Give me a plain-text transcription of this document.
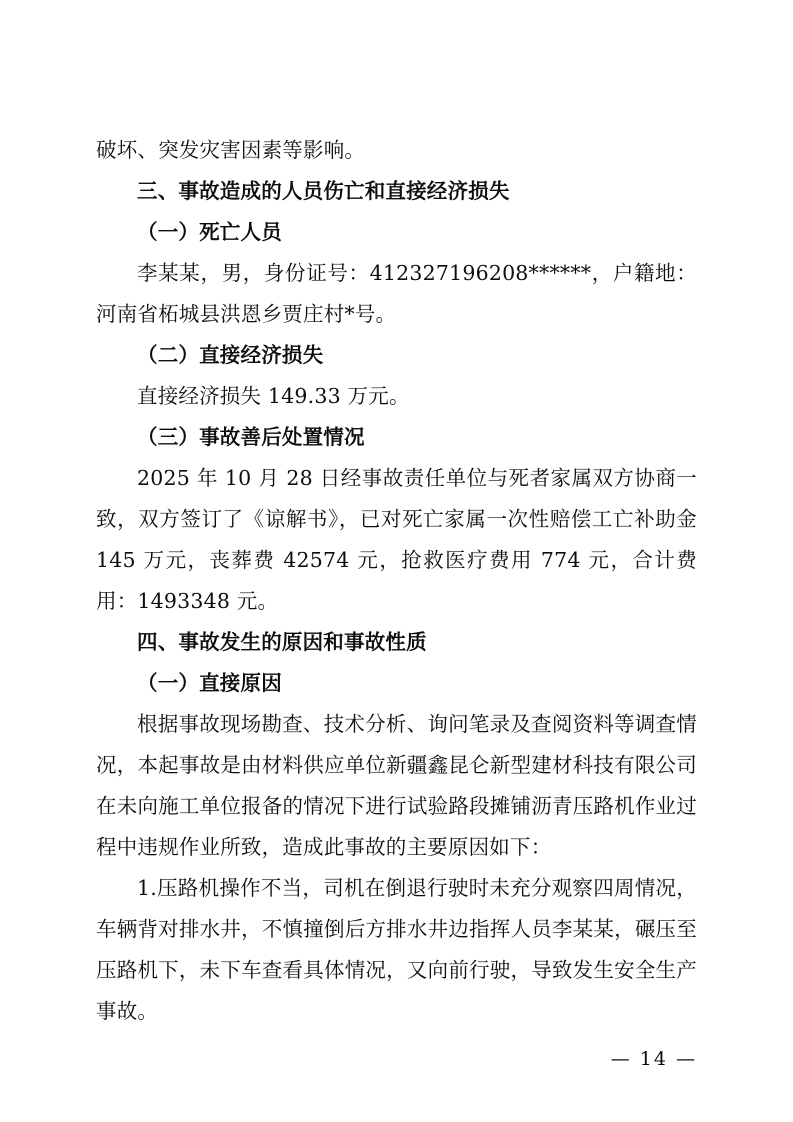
破坏、突发灾害因素等影响。

三、事故造成的人员伤亡和直接经济损失

（一）死亡人员

李某某，男，身份证号：412327196208******，户籍地：河南省柘城县洪恩乡贾庄村*号。

（二）直接经济损失

直接经济损失 149.33 万元。

（三）事故善后处置情况

2025 年 10 月 28 日经事故责任单位与死者家属双方协商一致，双方签订了《谅解书》，已对死亡家属一次性赔偿工亡补助金 145 万元，丧葬费 42574 元，抢救医疗费用 774 元，合计费用：1493348 元。

四、事故发生的原因和事故性质

（一）直接原因

根据事故现场勘查、技术分析、询问笔录及查阅资料等调查情况，本起事故是由材料供应单位新疆鑫昆仑新型建材科技有限公司在未向施工单位报备的情况下进行试验路段摊铺沥青压路机作业过程中违规作业所致，造成此事故的主要原因如下：

1.压路机操作不当，司机在倒退行驶时未充分观察四周情况，车辆背对排水井，不慎撞倒后方排水井边指挥人员李某某，碾压至压路机下，未下车查看具体情况，又向前行驶，导致发生安全生产事故。

— 14 —
